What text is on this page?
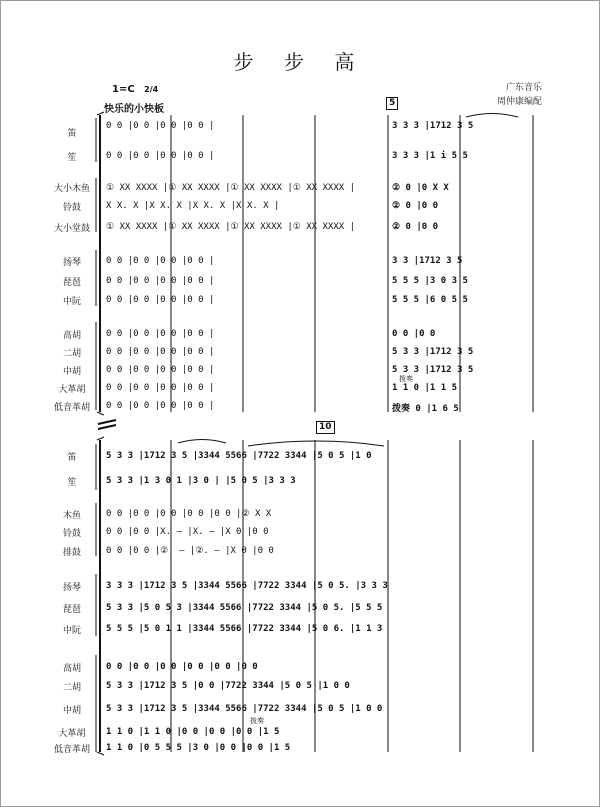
步 步 高
广东音乐
周仲康编配
1=C 2/4
快乐的小快板
5
10
笛
笙
大小木鱼
铃鼓
大小堂鼓
扬琴
琵琶
中阮
高胡
二胡
中胡
大革胡
低音革胡
0 0 |0 0 |0 0 |0 0 |
0 0 |0 0 |0 0 |0 0 |
① XX XXXX |① XX XXXX |① XX XXXX |① XX XXXX |
X X. X |X X. X |X X. X |X X. X |
① XX XXXX |① XX XXXX |① XX XXXX |① XX XXXX |
0 0 |0 0 |0 0 |0 0 |
0 0 |0 0 |0 0 |0 0 |
0 0 |0 0 |0 0 |0 0 |
0 0 |0 0 |0 0 |0 0 |
0 0 |0 0 |0 0 |0 0 |
0 0 |0 0 |0 0 |0 0 |
0 0 |0 0 |0 0 |0 0 |
0 0 |0 0 |0 0 |0 0 |
3 3 3 |1712 3 5
3 3 3 |1 i 5 5
② 0 |0 X X
② 0 |0 0
② 0 |0 0
3 3 |1712 3 5
5 5 5 |3 0 3 5
5 5 5 |6 0 5 5
0 0 |0 0
5 3 3 |1712 3 5
5 3 3 |1712 3 5
1 1 0 |1 1 5
拨奏 0 |1 6 5
拨奏
笛
笙
木鱼
铃鼓
排鼓
扬琴
琵琶
中阮
高胡
二胡
中胡
大革胡
低音革胡
5 3 3 |1712 3 5 |3344 5566 |7722 3344 |5 0 5 |1 0
5 3 3 |1 3 0 1 |3 0 | |5 0 5 |3 3 3
0 0 |0 0 |0 0 |0 0 |0 0 |② X X
0 0 |0 0 |X. — |X. — |X 0 |0 0
0 0 |0 0 |②. — |②. — |X 0 |0 0
3 3 3 |1712 3 5 |3344 5566 |7722 3344 |5 0 5. |3 3 3
5 3 3 |5 0 5 3 |3344 5566 |7722 3344 |5 0 5. |5 5 5
5 5 5 |5 0 1 1 |3344 5566 |7722 3344 |5 0 6. |1 1 3
0 0 |0 0 |0 0 |0 0 |0 0 |0 0
5 3 3 |1712 3 5 |0 0 |7722 3344 |5 0 5 |1 0 0
5 3 3 |1712 3 5 |3344 5566 |7722 3344 |5 0 5 |1 0 0
1 1 0 |1 1 0 |0 0 |0 0 |0 0 |1 5
1 1 0 |0 5 5 5 |3 0 |0 0 |0 0 |1 5
拨奏
